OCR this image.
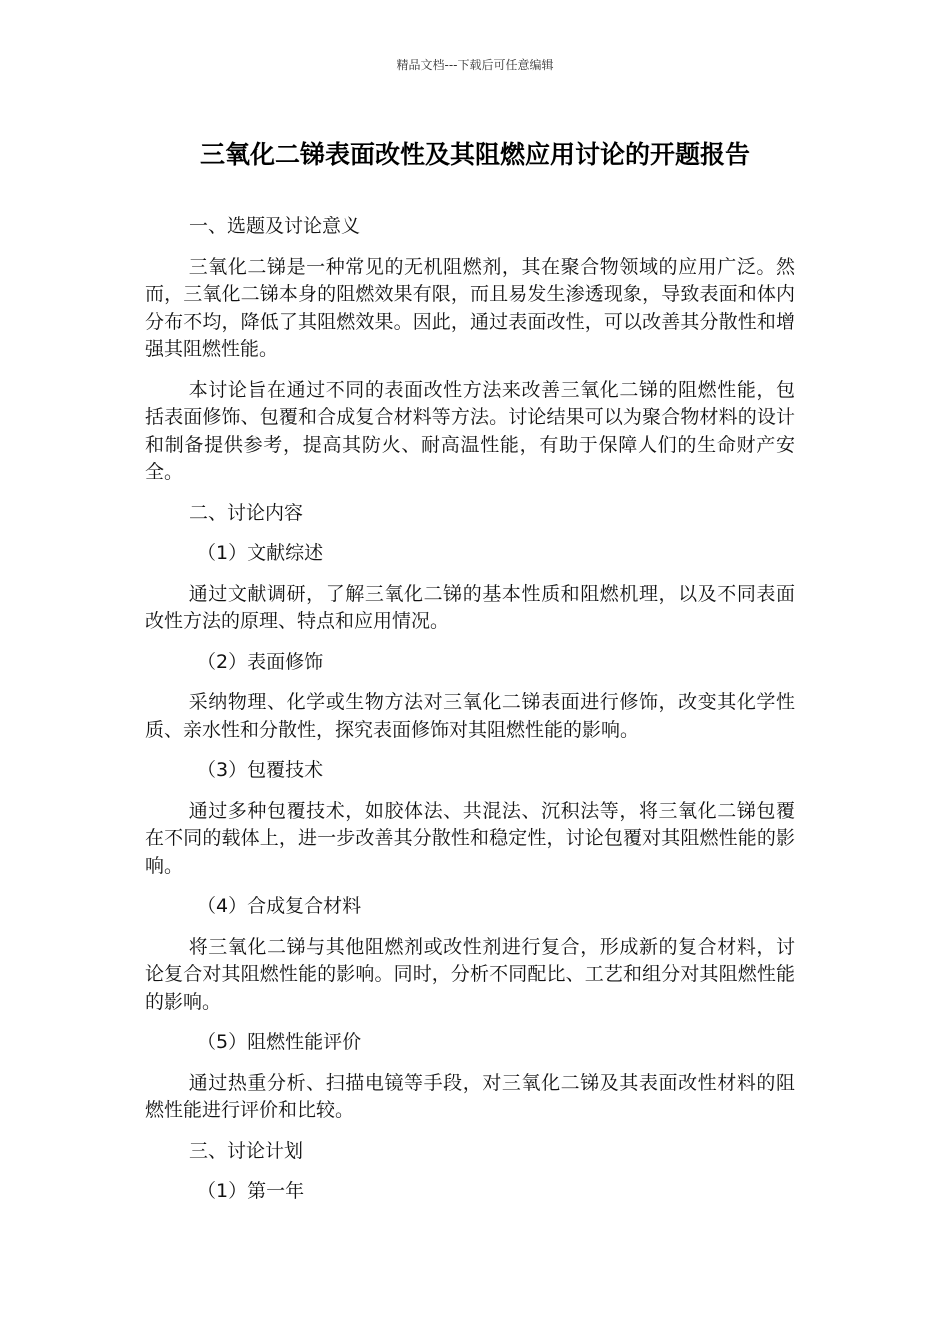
精品文档---下载后可任意编辑
三氧化二锑表面改性及其阻燃应用讨论的开题报告
一、选题及讨论意义

三氧化二锑是一种常见的无机阻燃剂，其在聚合物领域的应用广泛。然而，三氧化二锑本身的阻燃效果有限，而且易发生渗透现象，导致表面和体内分布不均，降低了其阻燃效果。因此，通过表面改性，可以改善其分散性和增强其阻燃性能。

本讨论旨在通过不同的表面改性方法来改善三氧化二锑的阻燃性能，包括表面修饰、包覆和合成复合材料等方法。讨论结果可以为聚合物材料的设计和制备提供参考，提高其防火、耐高温性能，有助于保障人们的生命财产安全。

二、讨论内容
（1）文献综述

通过文献调研，了解三氧化二锑的基本性质和阻燃机理，以及不同表面改性方法的原理、特点和应用情况。

（2）表面修饰

采纳物理、化学或生物方法对三氧化二锑表面进行修饰，改变其化学性质、亲水性和分散性，探究表面修饰对其阻燃性能的影响。

（3）包覆技术

通过多种包覆技术，如胶体法、共混法、沉积法等，将三氧化二锑包覆在不同的载体上，进一步改善其分散性和稳定性，讨论包覆对其阻燃性能的影响。

（4）合成复合材料

将三氧化二锑与其他阻燃剂或改性剂进行复合，形成新的复合材料，讨论复合对其阻燃性能的影响。同时，分析不同配比、工艺和组分对其阻燃性能的影响。

（5）阻燃性能评价

通过热重分析、扫描电镜等手段，对三氧化二锑及其表面改性材料的阻燃性能进行评价和比较。

三、讨论计划
（1）第一年
